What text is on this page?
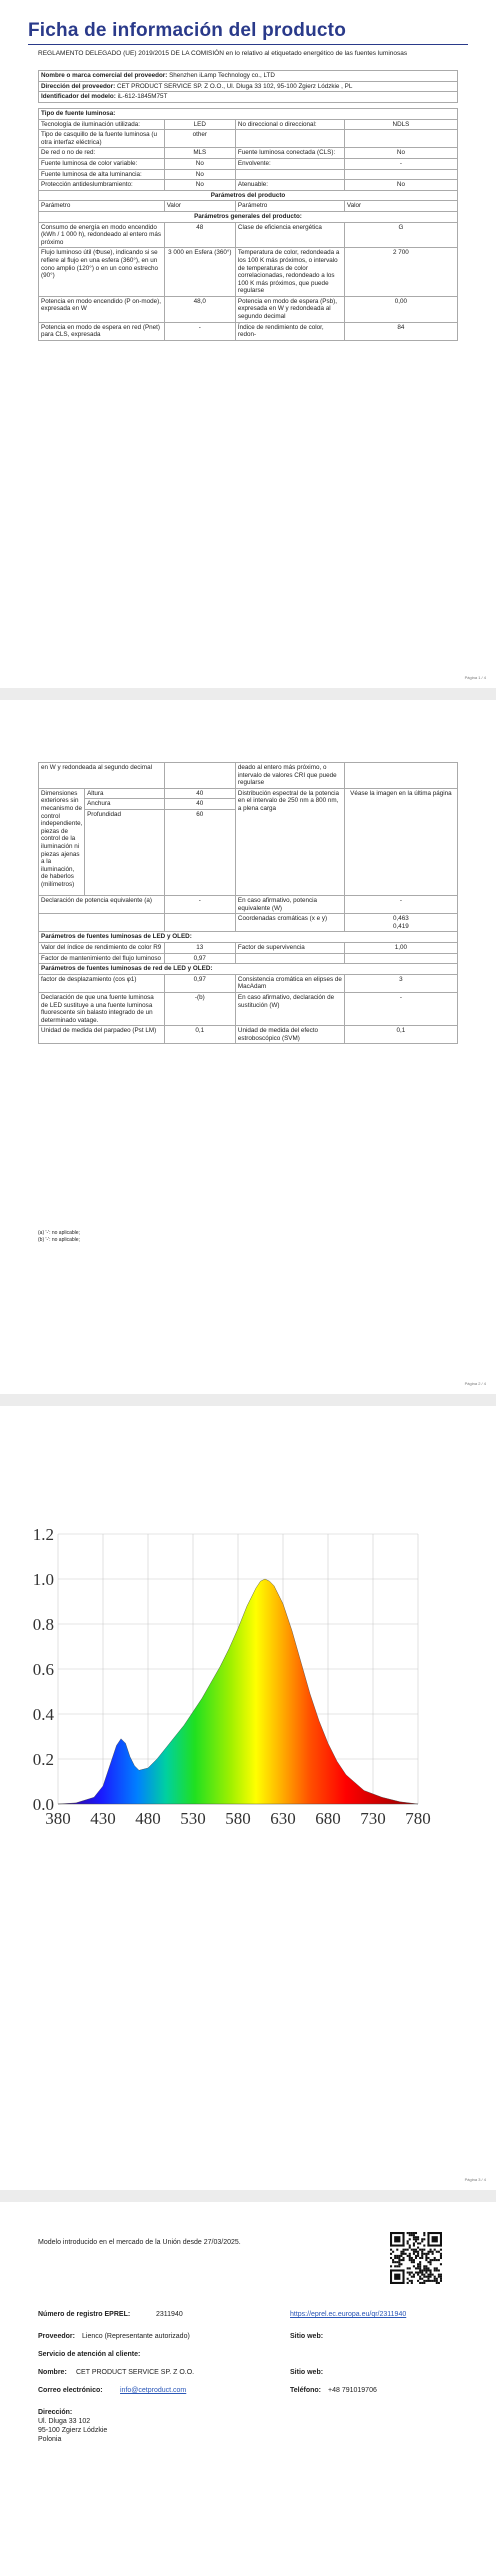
Ficha de información del producto
REGLAMENTO DELEGADO (UE) 2019/2015 DE LA COMISIÓN en lo relativo al etiquetado energético de las fuentes luminosas
Nombre o marca comercial del proveedor: Shenzhen iLamp Technology co., LTD
Dirección del proveedor: CET PRODUCT SERVICE SP. Z O.O., Ul. Dluga 33 102, 95-100 Zgierz Lódzkie , PL
Identificador del modelo: iL-612-1845M75T
Tipo de fuente luminosa:			
Tecnología de iluminación utilizada:	LED	No direccional o direccional:	NDLS
Tipo de casquillo de la fuente luminosa (u otra interfaz eléctrica)	other		
De red o no de red:	MLS	Fuente luminosa conectada (CLS):	No
Fuente luminosa de color variable:	No	Envolvente:	-
Fuente luminosa de alta luminancia:	No		
Protección antideslumbramiento:	No	Atenuable:	No
Parámetros del producto			
Parámetro	Valor	Parámetro	Valor
Parámetros generales del producto:			
Consumo de energía en modo encendido (kWh / 1 000 h), redondeado al entero más próximo	48	Clase de eficiencia energética	G
Flujo luminoso útil (Φuse), indicando si se refiere al flujo en una esfera (360°), en un cono amplio (120°) o en un cono estrecho (90°)	3 000 en Esfera (360°)	Temperatura de color, redondeada a los 100 K más próximos, o intervalo de temperaturas de color correlacionadas, redondeado a los 100 K más próximos, que puede regularse	2 700
Potencia en modo encendido (P on-mode), expresada en W	48,0	Potencia en modo de espera (Psb), expresada en W y redondeada al segundo decimal	0,00
Potencia en modo de espera en red (Pnet) para CLS, expresada	-	Índice de rendimiento de color, redon-	84
Página 1 / 4
en W y redondeada al segundo decimal			deado al entero más próximo, o intervalo de valores CRI que puede regularse	
Dimensiones exteriores sin mecanismo de control independiente, piezas de control de la iluminación ni piezas ajenas a la iluminación, de haberlos (milímetros)	Altura	40	Distribución espectral de la potencia en el intervalo de 250 nm a 800 nm, a plena carga	Véase la imagen en la última página
	Anchura	40		
	Profundidad	60		
Declaración de potencia equivalente (a)		-	En caso afirmativo, potencia equivalente (W)	-
			Coordenadas cromáticas (x e y)	0,463
0,419
Parámetros de fuentes luminosas de LED y OLED:				
Valor del índice de rendimiento de color R9		13	Factor de supervivencia	1,00
Factor de mantenimiento del flujo luminoso		0,97		
Parámetros de fuentes luminosas de red de LED y OLED:				
factor de desplazamiento (cos φ1)		0,97	Consistencia cromática en elipses de MacAdam	3
Declaración de que una fuente luminosa de LED sustituye a una fuente luminosa fluorescente sin balasto integrado de un determinado vatage.		-(b)	En caso afirmativo, declaración de sustitución (W)	-
Unidad de medida del parpadeo (Pst LM)		0,1	Unidad de medida del efecto estroboscópico (SVM)	0,1
(a) '-': no aplicable;
(b) '-': no aplicable;
Página 2 / 4
380 430 480 530 580 630 680 730 780
0.0
0.2
0.4
0.6
0.8
1.0
1.2
Página 3 / 4
Modelo introducido en el mercado de la Unión desde 27/03/2025.
Número de registro EPREL:	2311940	https://eprel.ec.europa.eu/qr/2311940
Proveedor: Lienco (Representante autorizado)	Sitio web:
Servicio de atención al cliente:
Nombre: CET PRODUCT SERVICE SP. Z O.O.	Sitio web:
Correo electrónico: info@cetproduct.com	Teléfono: +48 791019706
Dirección:
Ul. Dluga 33 102
95-100 Zgierz Lódzkie
Polonia
